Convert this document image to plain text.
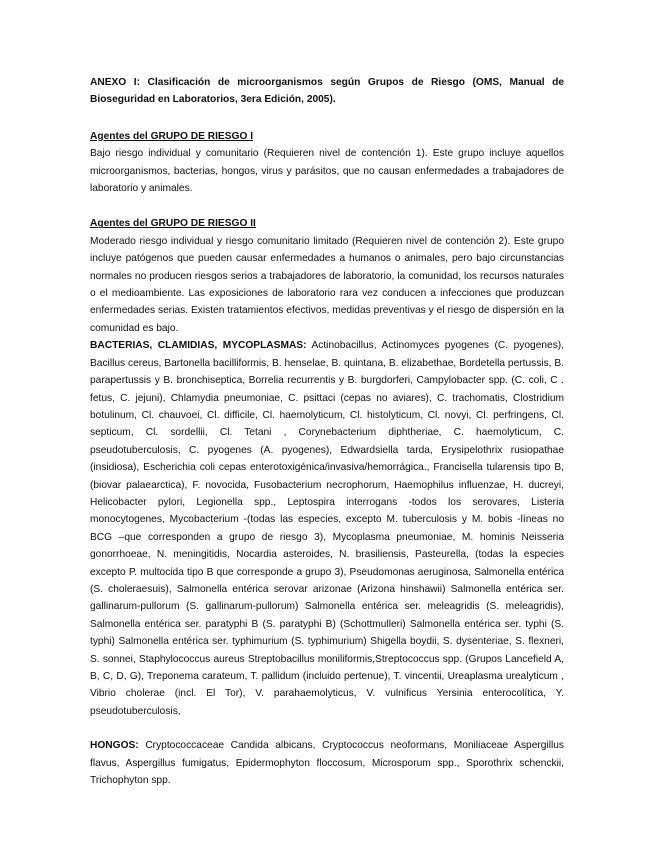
ANEXO I: Clasificación de microorganismos según Grupos de Riesgo (OMS, Manual de Bioseguridad en Laboratorios, 3era Edición, 2005).

Agentes del GRUPO DE RIESGO I

Bajo riesgo individual y comunitario (Requieren nivel de contención 1). Este grupo incluye aquellos microorganismos, bacterias, hongos, virus y parásitos, que no causan enfermedades a trabajadores de laboratorio y animales.

Agentes del GRUPO DE RIESGO II

Moderado riesgo individual y riesgo comunitario limitado (Requieren nivel de contención 2). Este grupo incluye patógenos que pueden causar enfermedades a humanos o animales, pero bajo circunstancias normales no producen riesgos serios a trabajadores de laboratorio, la comunidad, los recursos naturales o el medioambiente. Las exposiciones de laboratorio rara vez conducen a infecciones que produzcan enfermedades serias. Existen tratamientos efectivos, medidas preventivas y el riesgo de dispersión en la comunidad es bajo.

BACTERIAS, CLAMIDIAS, MYCOPLASMAS: Actinobacillus, Actinomyces pyogenes (C. pyogenes), Bacillus cereus, Bartonella bacilliformis, B. henselae, B. quintana, B. elizabethae, Bordetella pertussis, B. parapertussis y B. bronchiseptica, Borrelia recurrentis y B. burgdorferi, Campylobacter spp. (C. coli, C . fetus, C. jejuni), Chlamydia pneumoniae, C. psittaci (cepas no aviares), C. trachomatis, Clostridium botulinum, Cl. chauvoei, Cl. difficile, Cl. haemolyticum, Cl. histolyticum, Cl. novyi, Cl. perfringens, Cl. septicum, Cl. sordellii, Cl. Tetani , Corynebacterium diphtheriae, C. haemolyticum, C. pseudotuberculosis, C. pyogenes (A. pyogenes), Edwardsiella tarda, Erysipelothrix rusiopathae (insidiosa), Escherichia coli cepas enterotoxigénica/invasiva/hemorrágica., Francisella tularensis tipo B, (biovar palaearctica), F. novocida, Fusobacterium necrophorum, Haemophilus influenzae, H. ducreyi, Helicobacter pylori, Legionella spp., Leptospira interrogans -todos los serovares, Listeria monocytogenes, Mycobacterium -(todas las especies, excepto M. tuberculosis y M. bobis -líneas no BCG –que corresponden a grupo de riesgo 3), Mycoplasma pneumoniae, M. hominis Neisseria gonorrhoeae, N. meningitidis, Nocardia asteroides, N. brasiliensis, Pasteurella, (todas la especies excepto P. multocida tipo B que corresponde a grupo 3), Pseudomonas aeruginosa, Salmonella entérica (S. choleraesuis), Salmonella entérica serovar arizonae (Arizona hinshawii) Salmonella entérica ser. gallinarum-pullorum (S. gallinarum-pullorum) Salmonella entérica ser. meleagridis (S. meleagridis), Salmonella entérica ser. paratyphi B (S. paratyphi B) (Schottmulleri) Salmonella entérica ser. typhi (S. typhi) Salmonella entérica ser. typhimurium (S. typhimurium) Shigella boydii, S. dysenteriae, S. flexneri, S. sonnei, Staphylococcus aureus Streptobacillus moniliformis,Streptococcus spp. (Grupos Lancefield A, B, C, D, G), Treponema carateum, T. pallidum (incluido pertenue), T. vincentii, Ureaplasma urealyticum , Vibrio cholerae (incl. El Tor), V. parahaemolyticus, V. vulnificus Yersinia enterocolítica, Y. pseudotuberculosis,

HONGOS: Cryptococcaceae Candida albicans, Cryptococcus neoformans, Moniliaceae Aspergillus flavus, Aspergillus fumigatus, Epidermophyton floccosum, Microsporum spp., Sporothrix schenckii, Trichophyton spp.
